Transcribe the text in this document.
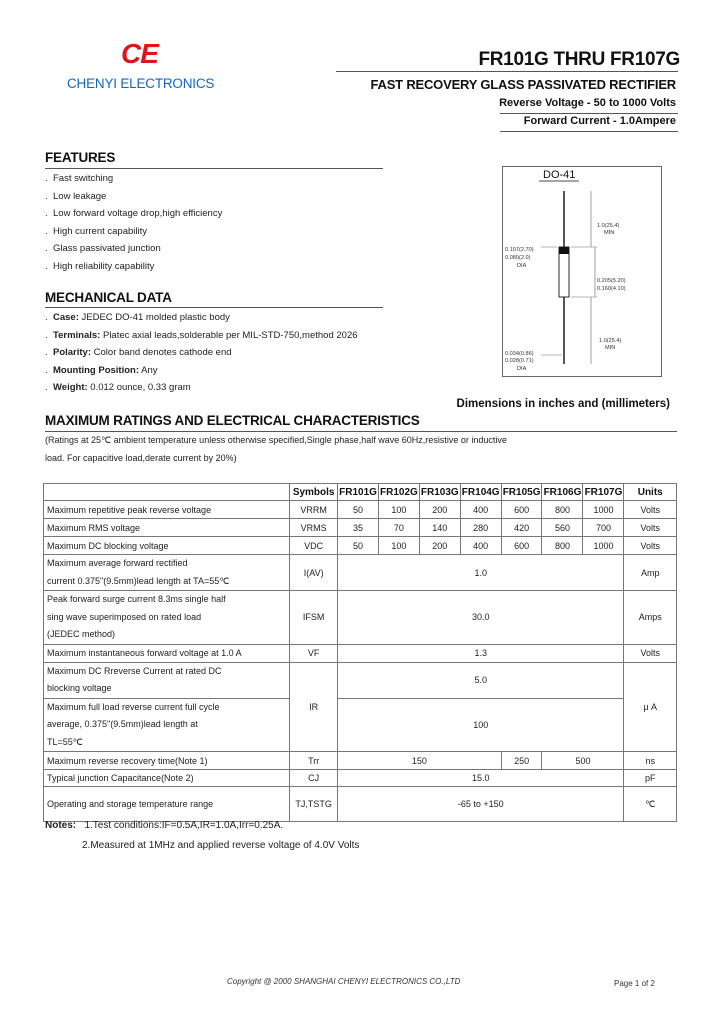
CE
CHENYI ELECTRONICS
FR101G THRU FR107G
FAST RECOVERY GLASS PASSIVATED RECTIFIER
Reverse Voltage - 50 to 1000 Volts
Forward Current - 1.0Ampere
FEATURES
. Fast switching
. Low leakage
. Low forward voltage drop,high efficiency
. High current capability
. Glass passivated junction
. High reliability capability
MECHANICAL DATA
. Case: JEDEC DO-41 molded plastic body
. Terminals: Platec axial leads,solderable per MIL-STD-750,method 2026
. Polarity: Color band denotes cathode end
. Mounting Position: Any
. Weight: 0.012 ounce, 0.33 gram
DO-41
1.0(25.4)
MIN
0.107(2.70)
0.080(2.0)
DIA
0.205(5.20)
0.160(4.10)
1.0(25.4)
MIN
0.034(0.86)
0.028(0.71)
DIA
Dimensions in inches and (millimeters)
MAXIMUM RATINGS AND ELECTRICAL CHARACTERISTICS
(Ratings at 25℃ ambient temperature unless otherwise specified,Single phase,half wave 60Hz,resistive or inductive
load. For capacitive load,derate current by 20%)
	Symbols	FR101G	FR102G	FR103G	FR104G	FR105G	FR106G	FR107G	Units
Maximum repetitive peak reverse voltage	VRRM	50	100	200	400	600	800	1000	Volts
Maximum RMS voltage	VRMS	35	70	140	280	420	560	700	Volts
Maximum DC blocking voltage	VDC	50	100	200	400	600	800	1000	Volts

Maximum average forward rectified
current 0.375"(9.5mm)lead length at TA=55℃	I(AV)	1.0							Amp

Peak forward surge current 8.3ms single half
sing wave superimposed on rated load
(JEDEC method)	IFSM	30.0							Amps
Maximum instantaneous forward voltage at 1.0 A	VF	1.3							Volts

Maximum DC Rreverse Current at rated DC
blocking voltage	IR	5.0							μ A

Maximum full load reverse current full cycle
average, 0.375"(9.5mm)lead length at
TL=55℃		100							
Maximum reverse recovery time(Note 1)	Trr	150				250	500		ns
Typical junction Capacitance(Note 2)	CJ	15.0							pF
Operating and storage temperature range	TJ,TSTG	-65 to +150							℃
Notes: 1.Test conditions:IF=0.5A,IR=1.0A,Irr=0.25A.
2.Measured at 1MHz and applied reverse voltage of 4.0V Volts
Copyright @ 2000 SHANGHAI CHENYI ELECTRONICS CO.,LTD	Page 1 of 2
